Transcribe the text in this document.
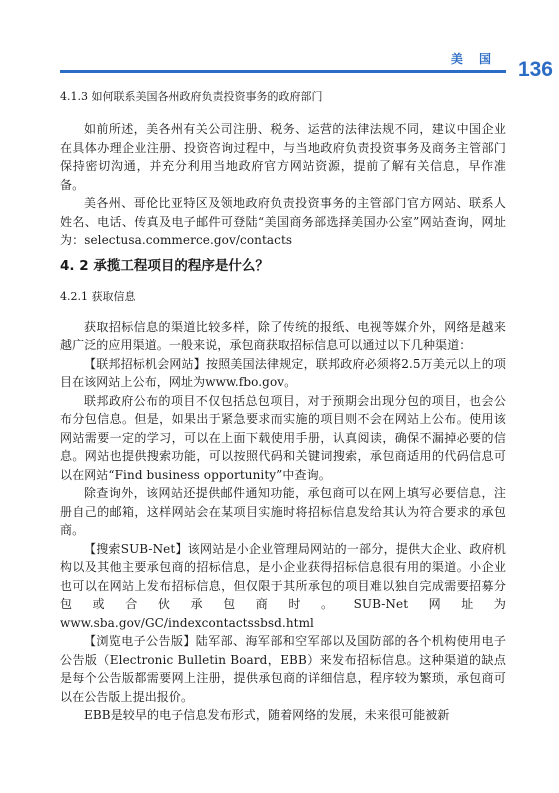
美 国 136
4.1.3 如何联系美国各州政府负责投资事务的政府部门

如前所述，美各州有关公司注册、税务、运营的法律法规不同，建议中国企业在具体办理企业注册、投资咨询过程中，与当地政府负责投资事务及商务主管部门保持密切沟通，并充分利用当地政府官方网站资源，提前了解有关信息，早作准备。

美各州、哥伦比亚特区及领地政府负责投资事务的主管部门官方网站、联系人姓名、电话、传真及电子邮件可登陆“美国商务部选择美国办公室”网站查询，网址为：selectusa.commerce.gov/contacts

4. 2 承揽工程项目的程序是什么？
4.2.1 获取信息

获取招标信息的渠道比较多样，除了传统的报纸、电视等媒介外，网络是越来越广泛的应用渠道。一般来说，承包商获取招标信息可以通过以下几种渠道：

【联邦招标机会网站】按照美国法律规定，联邦政府必须将2.5万美元以上的项目在该网站上公布，网址为www.fbo.gov。

联邦政府公布的项目不仅包括总包项目，对于预期会出现分包的项目，也会公布分包信息。但是，如果出于紧急要求而实施的项目则不会在网站上公布。使用该网站需要一定的学习，可以在上面下载使用手册，认真阅读，确保不漏掉必要的信息。网站也提供搜索功能，可以按照代码和关键词搜索，承包商适用的代码信息可以在网站“Find business opportunity”中查询。

除查询外，该网站还提供邮件通知功能，承包商可以在网上填写必要信息，注册自己的邮箱，这样网站会在某项目实施时将招标信息发给其认为符合要求的承包商。

【搜索SUB-Net】该网站是小企业管理局网站的一部分，提供大企业、政府机构以及其他主要承包商的招标信息，是小企业获得招标信息很有用的渠道。小企业也可以在网站上发布招标信息，但仅限于其所承包的项目难以独自完成需要招募分包或合伙承包商时。SUB-Net网址为www.sba.gov/GC/indexcontactssbsd.html

【浏览电子公告版】陆军部、海军部和空军部以及国防部的各个机构使用电子公告版（Electronic Bulletin Board，EBB）来发布招标信息。这种渠道的缺点是每个公告版都需要网上注册，提供承包商的详细信息，程序较为繁琐，承包商可以在公告版上提出报价。

EBB是较早的电子信息发布形式，随着网络的发展，未来很可能被新
